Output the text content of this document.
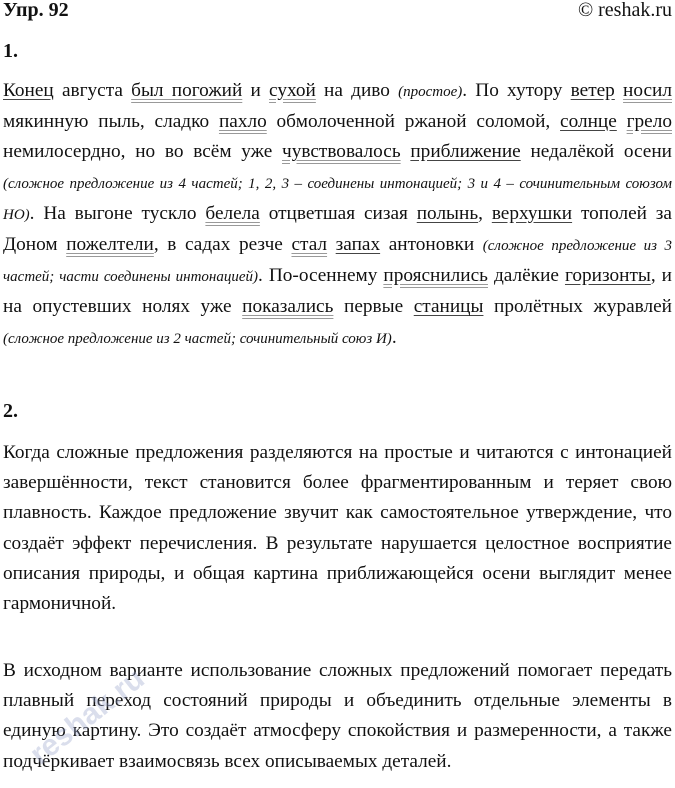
Упр. 92	© reshak.ru
1.
Конец августа был погожий и сухой на диво (простое). По хутору ветер носил мякинную пыль, сладко пахло обмолоченной ржаной соломой, солнце грело немилосердно, но во всём уже чувствовалось приближение недалёкой осени (сложное предложение из 4 частей; 1, 2, 3 – соединены интонацией; 3 и 4 – сочинительным союзом НО). На выгоне тускло белела отцветшая сизая полынь, верхушки тополей за Доном пожелтели, в садах резче стал запах антоновки (сложное предложение из 3 частей; части соединены интонацией). По-осеннему прояснились далёкие горизонты, и на опустевших нолях уже показались первые станицы пролётных журавлей (сложное предложение из 2 частей; сочинительный союз И).
2.
Когда сложные предложения разделяются на простые и читаются с интонацией завершённости, текст становится более фрагментированным и теряет свою плавность. Каждое предложение звучит как самостоятельное утверждение, что создаёт эффект перечисления. В результате нарушается целостное восприятие описания природы, и общая картина приближающейся осени выглядит менее гармоничной.
В исходном варианте использование сложных предложений помогает передать плавный переход состояний природы и объединить отдельные элементы в единую картину. Это создаёт атмосферу спокойствия и размеренности, а также подчёркивает взаимосвязь всех описываемых деталей.
reshak.ru
